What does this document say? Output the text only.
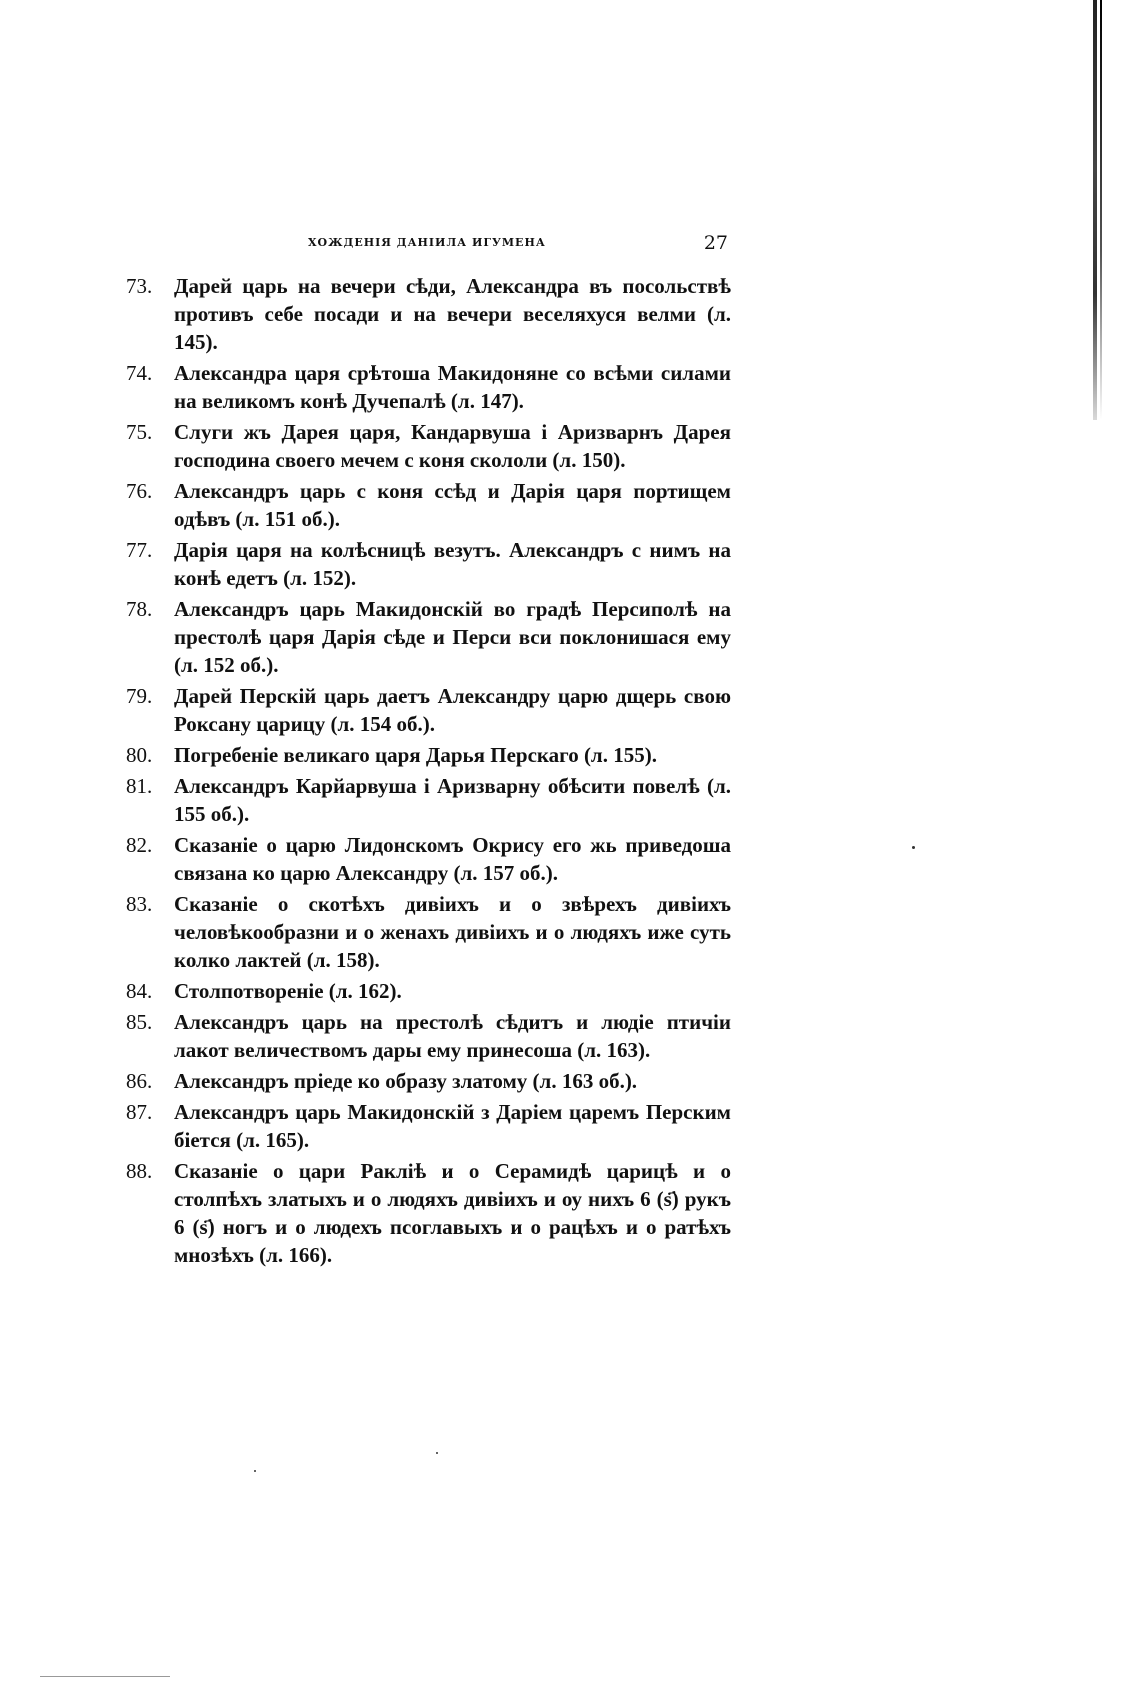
ХОЖДЕНІЯ ДАНІИЛА ИГУМЕНА	27
73.	Дарей царь на вечери сѣди, Александра въ посольствѣ противъ себе посади и на вечери веселяхуся велми (л. 145).
74.	Александра царя срѣтоша Макидоняне со всѣми силами на великомъ конѣ Дучепалѣ (л. 147).
75.	Слуги жъ Дарея царя, Кандарвуша і Аризварнъ Дарея господина своего мечем с коня скололи (л. 150).
76.	Александръ царь с коня ссѣд и Дарія царя портищем одѣвъ (л. 151 об.).
77.	Дарія царя на колѣсницѣ везутъ. Александръ с нимъ на конѣ едетъ (л. 152).
78.	Александръ царь Макидонскій во градѣ Персиполѣ на престолѣ царя Дарія сѣде и Перси вси поклонишася ему (л. 152 об.).
79.	Дарей Перскій царь даетъ Александру царю дщерь свою Роксану царицу (л. 154 об.).
80.	Погребеніе великаго царя Дарья Перскаго (л. 155).
81.	Александръ Карйарвуша і Аризварну обѣсити повелѣ (л. 155 об.).
82.	Сказаніе о царю Лидонскомъ Окрису его жь приведоша связана ко царю Александру (л. 157 об.).
83.	Сказаніе о скотѣхъ дивіихъ и о звѣрехъ дивіихъ человѣкообразни и о женахъ дивіихъ и о людяхъ иже суть колко лактей (л. 158).
84.	Столпотвореніе (л. 162).
85.	Александръ царь на престолѣ сѣдитъ и людіе птичіи лакот величествомъ дары ему принесоша (л. 163).
86.	Александръ пріеде ко образу златому (л. 163 об.).
87.	Александръ царь Макидонскій з Даріем царемъ Перским біется (л. 165).
88.	Сказаніе о цари Раклiѣ и о Серамидѣ царицѣ и о столпѣхъ златыхъ и о людяхъ дивiихъ и оу нихъ 6 (ѕ҃) рукъ 6 (ѕ҃) ногъ и о людехъ псоглавыхъ и о рацѣхъ и о ратѣхъ мнозѣхъ (л. 166).
